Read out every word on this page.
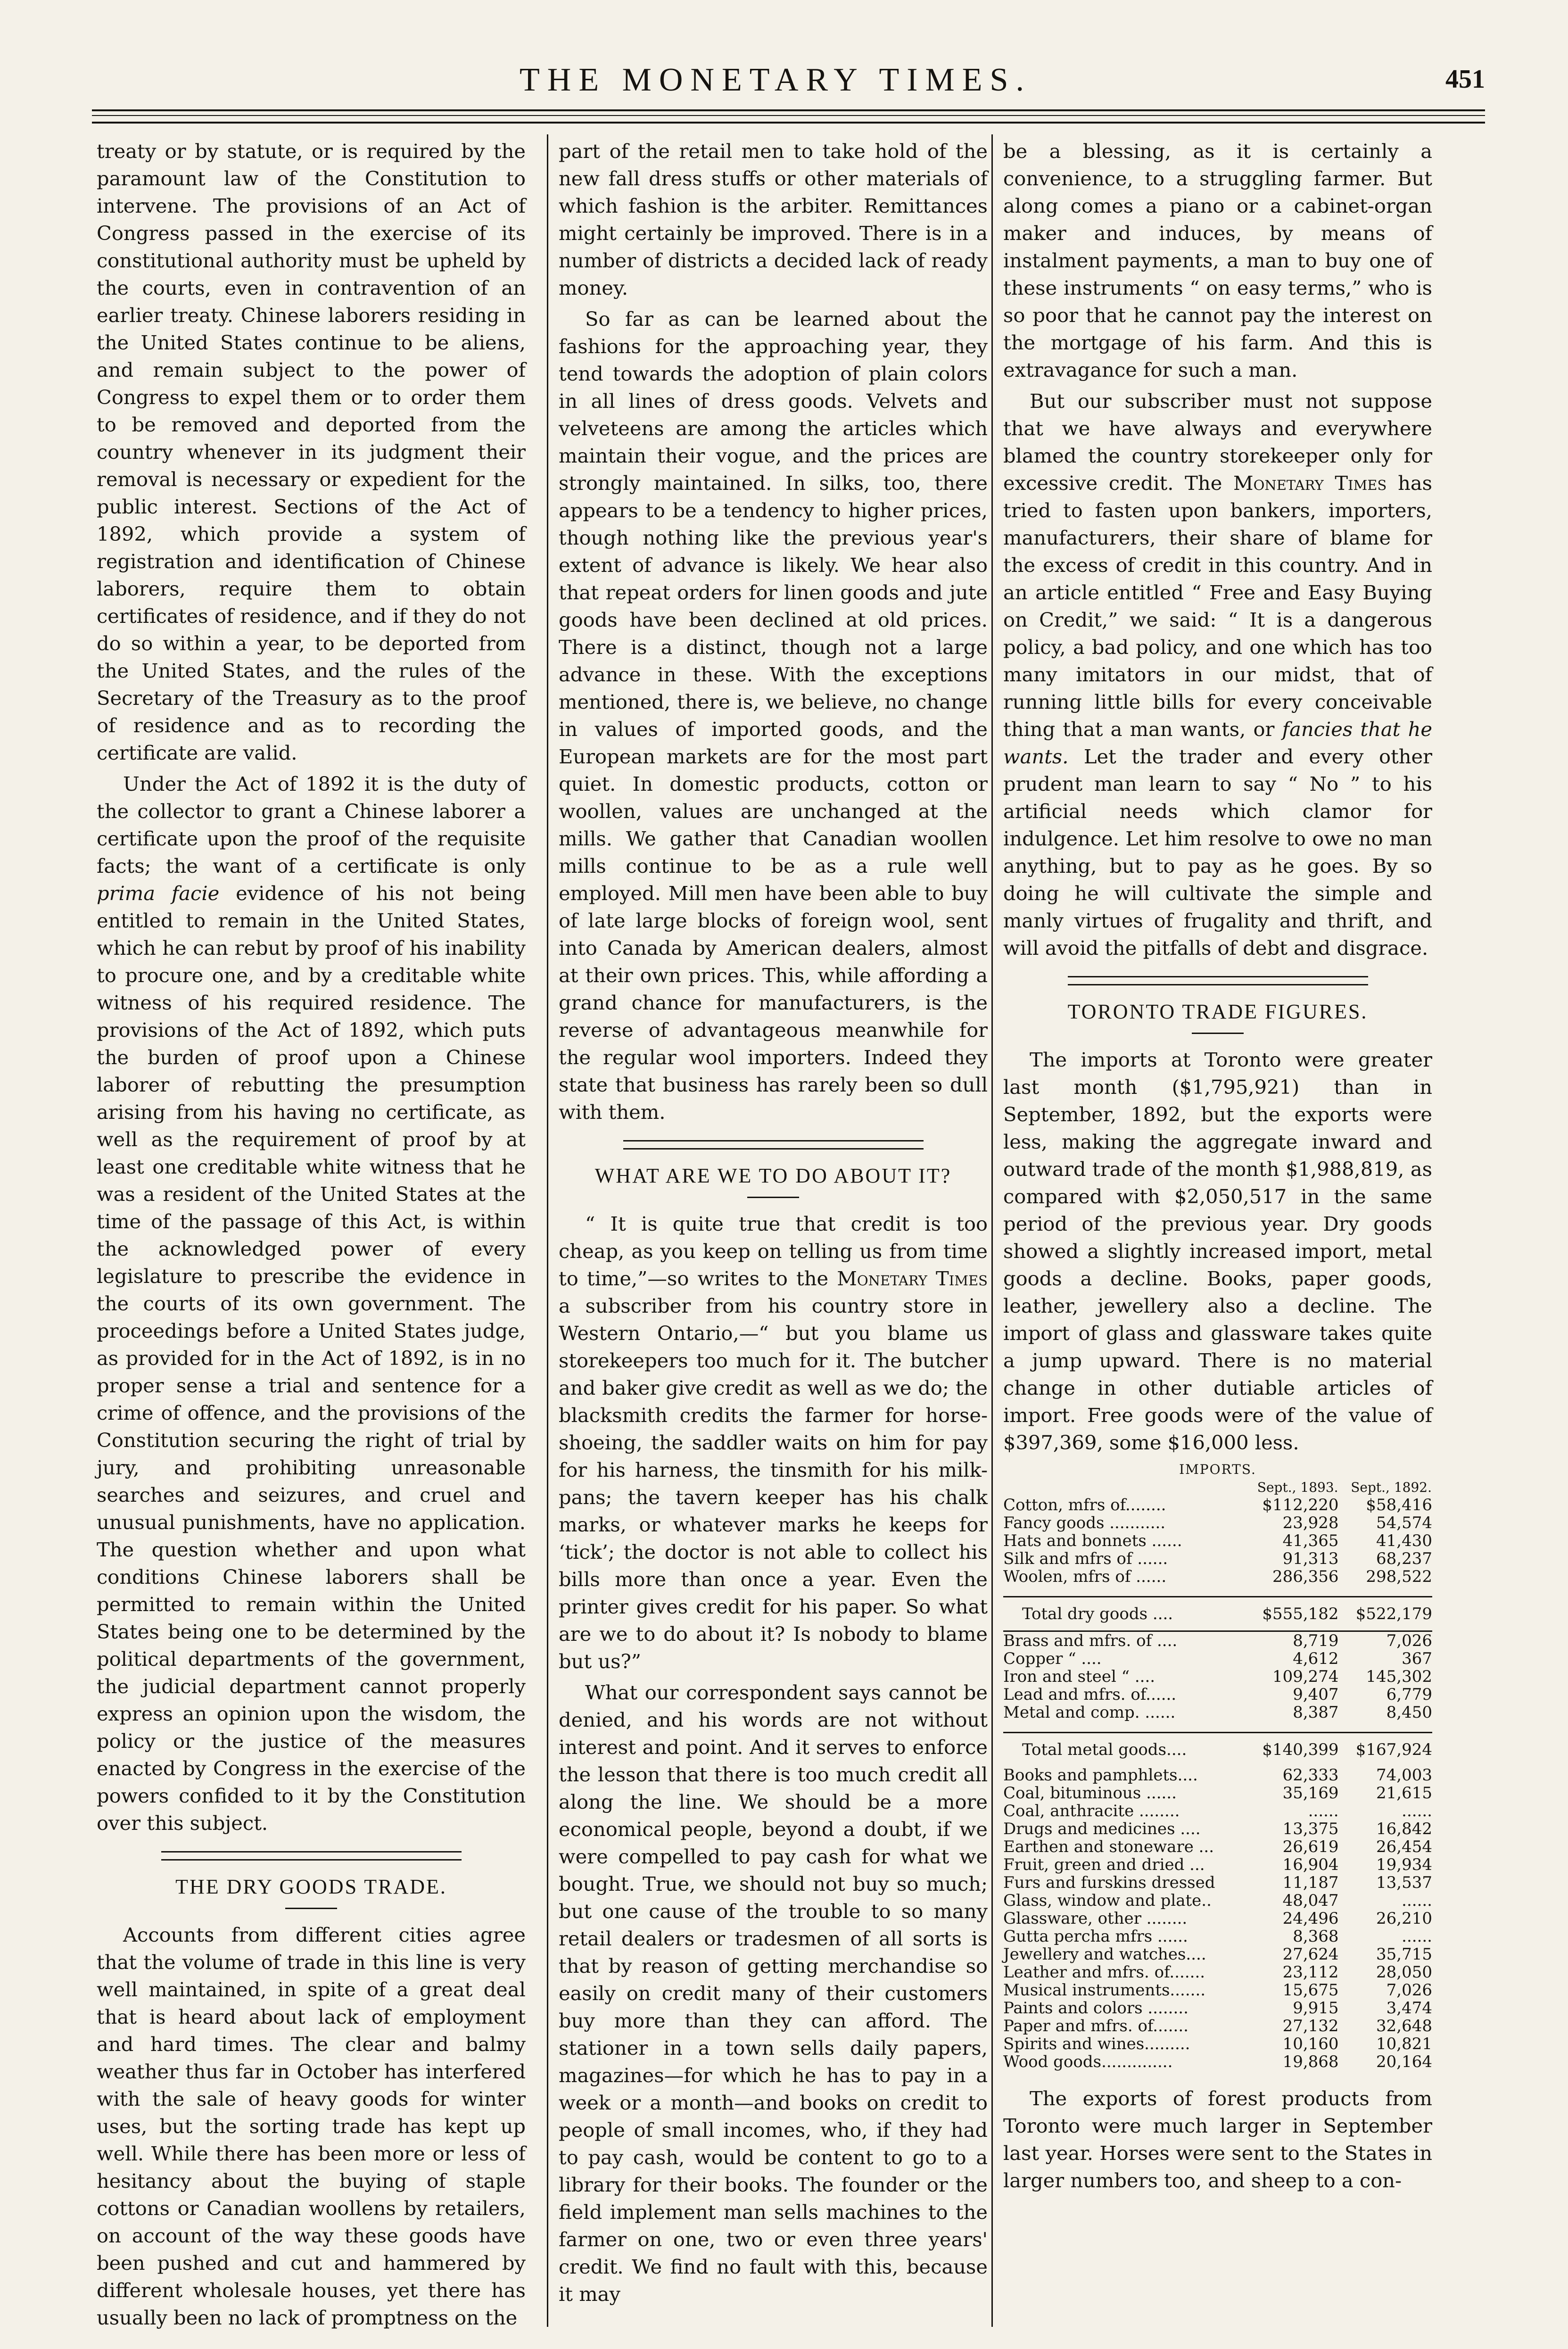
THE MONETARY TIMES.	451

treaty or by statute, or is required by the paramount law of the Constitution to intervene. The provisions of an Act of Congress passed in the exercise of its constitutional authority must be upheld by the courts, even in contravention of an earlier treaty. Chinese laborers residing in the United States continue to be aliens, and remain subject to the power of Congress to expel them or to order them to be removed and deported from the country whenever in its judgment their removal is necessary or expedient for the public interest. Sections of the Act of 1892, which provide a system of registration and identification of Chinese laborers, require them to obtain certificates of residence, and if they do not do so within a year, to be deported from the United States, and the rules of the Secretary of the Treasury as to the proof of residence and as to recording the certificate are valid.

Under the Act of 1892 it is the duty of the collector to grant a Chinese laborer a certificate upon the proof of the requisite facts; the want of a certificate is only prima facie evidence of his not being entitled to remain in the United States, which he can rebut by proof of his inability to procure one, and by a creditable white witness of his required residence. The provisions of the Act of 1892, which puts the burden of proof upon a Chinese laborer of rebutting the presumption arising from his having no certificate, as well as the requirement of proof by at least one creditable white witness that he was a resident of the United States at the time of the passage of this Act, is within the acknowledged power of every legislature to prescribe the evidence in the courts of its own government. The proceedings before a United States judge, as provided for in the Act of 1892, is in no proper sense a trial and sentence for a crime of offence, and the provisions of the Constitution securing the right of trial by jury, and prohibiting unreasonable searches and seizures, and cruel and unusual punishments, have no application. The question whether and upon what conditions Chinese laborers shall be permitted to remain within the United States being one to be determined by the political departments of the government, the judicial department cannot properly express an opinion upon the wisdom, the policy or the justice of the measures enacted by Congress in the exercise of the powers confided to it by the Constitution over this subject.

THE DRY GOODS TRADE.

Accounts from different cities agree that the volume of trade in this line is very well maintained, in spite of a great deal that is heard about lack of employment and hard times. The clear and balmy weather thus far in October has interfered with the sale of heavy goods for winter uses, but the sorting trade has kept up well. While there has been more or less of hesitancy about the buying of staple cottons or Canadian woollens by retailers, on account of the way these goods have been pushed and cut and hammered by different wholesale houses, yet there has usually been no lack of promptness on the

part of the retail men to take hold of the new fall dress stuffs or other materials of which fashion is the arbiter. Remittances might certainly be improved. There is in a number of districts a decided lack of ready money.

So far as can be learned about the fashions for the approaching year, they tend towards the adoption of plain colors in all lines of dress goods. Velvets and velveteens are among the articles which maintain their vogue, and the prices are strongly maintained. In silks, too, there appears to be a tendency to higher prices, though nothing like the previous year's extent of advance is likely. We hear also that repeat orders for linen goods and jute goods have been declined at old prices. There is a distinct, though not a large advance in these. With the exceptions mentioned, there is, we believe, no change in values of imported goods, and the European markets are for the most part quiet. In domestic products, cotton or woollen, values are unchanged at the mills. We gather that Canadian woollen mills continue to be as a rule well employed. Mill men have been able to buy of late large blocks of foreign wool, sent into Canada by American dealers, almost at their own prices. This, while affording a grand chance for manufacturers, is the reverse of advantageous meanwhile for the regular wool importers. Indeed they state that business has rarely been so dull with them.

WHAT ARE WE TO DO ABOUT IT?

“ It is quite true that credit is too cheap, as you keep on telling us from time to time,”—so writes to the Monetary Times a subscriber from his country store in Western Ontario,—“ but you blame us storekeepers too much for it. The butcher and baker give credit as well as we do; the blacksmith credits the farmer for horse-shoeing, the saddler waits on him for pay for his harness, the tinsmith for his milk-pans; the tavern keeper has his chalk marks, or whatever marks he keeps for ‘tick’; the doctor is not able to collect his bills more than once a year. Even the printer gives credit for his paper. So what are we to do about it? Is nobody to blame but us?”

What our correspondent says cannot be denied, and his words are not without interest and point. And it serves to enforce the lesson that there is too much credit all along the line. We should be a more economical people, beyond a doubt, if we were compelled to pay cash for what we bought. True, we should not buy so much; but one cause of the trouble to so many retail dealers or tradesmen of all sorts is that by reason of getting merchandise so easily on credit many of their customers buy more than they can afford. The stationer in a town sells daily papers, magazines—for which he has to pay in a week or a month—and books on credit to people of small incomes, who, if they had to pay cash, would be content to go to a library for their books. The founder or the field implement man sells machines to the farmer on one, two or even three years' credit. We find no fault with this, because it may

be a blessing, as it is certainly a convenience, to a struggling farmer. But along comes a piano or a cabinet-organ maker and induces, by means of instalment payments, a man to buy one of these instruments “ on easy terms,” who is so poor that he cannot pay the interest on the mortgage of his farm. And this is extravagance for such a man.

But our subscriber must not suppose that we have always and everywhere blamed the country storekeeper only for excessive credit. The Monetary Times has tried to fasten upon bankers, importers, manufacturers, their share of blame for the excess of credit in this country. And in an article entitled “ Free and Easy Buying on Credit,” we said: “ It is a dangerous policy, a bad policy, and one which has too many imitators in our midst, that of running little bills for every conceivable thing that a man wants, or fancies that he wants. Let the trader and every other prudent man learn to say “ No ” to his artificial needs which clamor for indulgence. Let him resolve to owe no man anything, but to pay as he goes. By so doing he will cultivate the simple and manly virtues of frugality and thrift, and will avoid the pitfalls of debt and disgrace.

TORONTO TRADE FIGURES.

The imports at Toronto were greater last month ($1,795,921) than in September, 1892, but the exports were less, making the aggregate inward and outward trade of the month $1,988,819, as compared with $2,050,517 in the same period of the previous year. Dry goods showed a slightly increased import, metal goods a decline. Books, paper goods, leather, jewellery also a decline. The import of glass and glassware takes quite a jump upward. There is no material change in other dutiable articles of import. Free goods were of the value of $397,369, some $16,000 less.

IMPORTS.
	Sept., 1893.	Sept., 1892.
Cotton, mfrs of........	$112,220	$58,416
Fancy goods ...........	23,928	54,574
Hats and bonnets ......	41,365	41,430
Silk and mfrs of ......	91,313	68,237
Woolen, mfrs of ......	286,356	298,522
Total dry goods ....	$555,182	$522,179
Brass and mfrs. of ....	8,719	7,026
Copper “ ....	4,612	367
Iron and steel “ ....	109,274	145,302
Lead and mfrs. of......	9,407	6,779
Metal and comp. ......	8,387	8,450
Total metal goods....	$140,399	$167,924
Books and pamphlets....	62,333	74,003
Coal, bituminous ......	35,169	21,615
Coal, anthracite ........	......	......
Drugs and medicines ....	13,375	16,842
Earthen and stoneware ...	26,619	26,454
Fruit, green and dried ...	16,904	19,934
Furs and furskins dressed	11,187	13,537
Glass, window and plate..	48,047	......
Glassware, other ........	24,496	26,210
Gutta percha mfrs ......	8,368	......
Jewellery and watches....	27,624	35,715
Leather and mfrs. of.......	23,112	28,050
Musical instruments.......	15,675	7,026
Paints and colors ........	9,915	3,474
Paper and mfrs. of.......	27,132	32,648
Spirits and wines.........	10,160	10,821
Wood goods..............	19,868	20,164

The exports of forest products from Toronto were much larger in September last year. Horses were sent to the States in larger numbers too, and sheep to a con-
